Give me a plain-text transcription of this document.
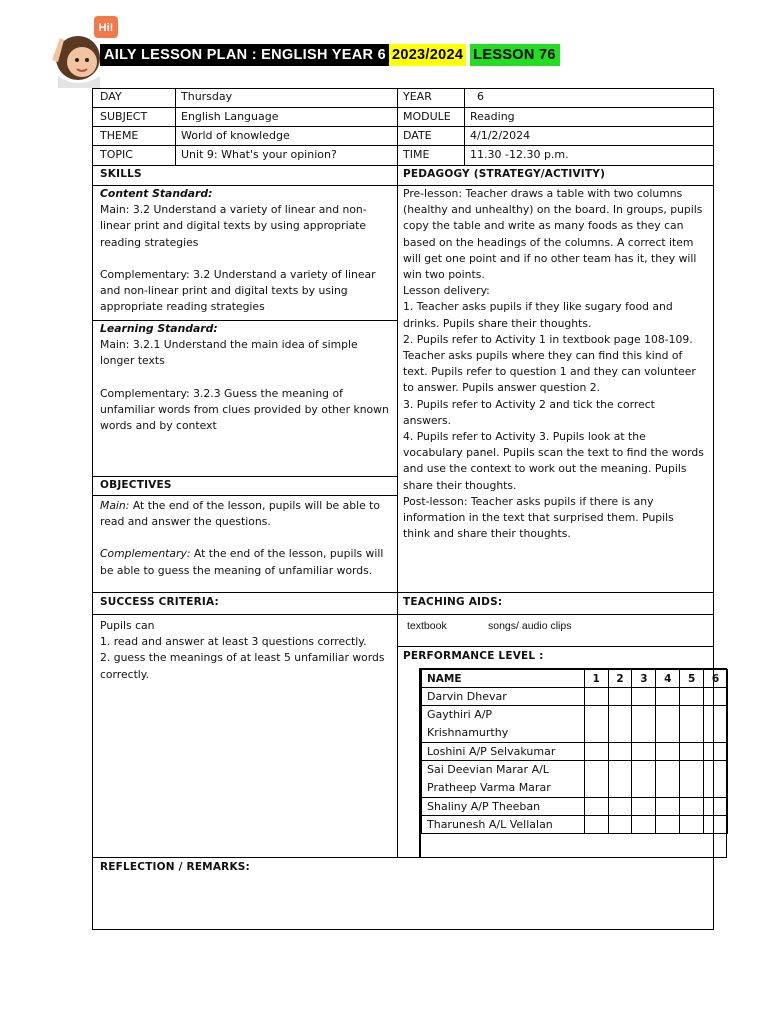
Hi!
AILY LESSON PLAN : ENGLISH YEAR 6 2023/2024 LESSON 76
DAY	Thursday	YEAR	6
SUBJECT	English Language	MODULE Reading
THEME	World of knowledge	DATE	4/1/2/2024
TOPIC	Unit 9: What's your opinion?	TIME	11.30 -12.30 p.m.
SKILLS	PEDAGOGY (STRATEGY/ACTIVITY)
Content Standard:
Main: 3.2 Understand a variety of linear and non-
linear print and digital texts by using appropriate
reading strategies
Complementary: 3.2 Understand a variety of linear
and non-linear print and digital texts by using
appropriate reading strategies
Learning Standard:
Main: 3.2.1 Understand the main idea of simple
longer texts
Complementary: 3.2.3 Guess the meaning of
unfamiliar words from clues provided by other known
words and by context
OBJECTIVES
Main: At the end of the lesson, pupils will be able to
read and answer the questions.
Complementary: At the end of the lesson, pupils will
be able to guess the meaning of unfamiliar words.
Pre-lesson: Teacher draws a table with two columns
(healthy and unhealthy) on the board. In groups, pupils
copy the table and write as many foods as they can
based on the headings of the columns. A correct item
will get one point and if no other team has it, they will
win two points.
Lesson delivery:
1. Teacher asks pupils if they like sugary food and
drinks. Pupils share their thoughts.
2. Pupils refer to Activity 1 in textbook page 108-109.
Teacher asks pupils where they can find this kind of
text. Pupils refer to question 1 and they can volunteer
to answer. Pupils answer question 2.
3. Pupils refer to Activity 2 and tick the correct
answers.
4. Pupils refer to Activity 3. Pupils look at the
vocabulary panel. Pupils scan the text to find the words
and use the context to work out the meaning. Pupils
share their thoughts.
Post-lesson: Teacher asks pupils if there is any
information in the text that surprised them. Pupils
think and share their thoughts.
SUCCESS CRITERIA:
Pupils can
1. read and answer at least 3 questions correctly.
2. guess the meanings of at least 5 unfamiliar words
correctly.
TEACHING AIDS:
textbook	songs/ audio clips
PERFORMANCE LEVEL :
NAME	1	2	3	4	5	6
Darvin Dhevar						

Gaythiri A/P
Krishnamurthy						

Loshini A/P Selvakumar						

Sai Deevian Marar A/L
Pratheep Varma Marar						

Shaliny A/P Theeban						
Tharunesh A/L Vellalan						
REFLECTION / REMARKS:
